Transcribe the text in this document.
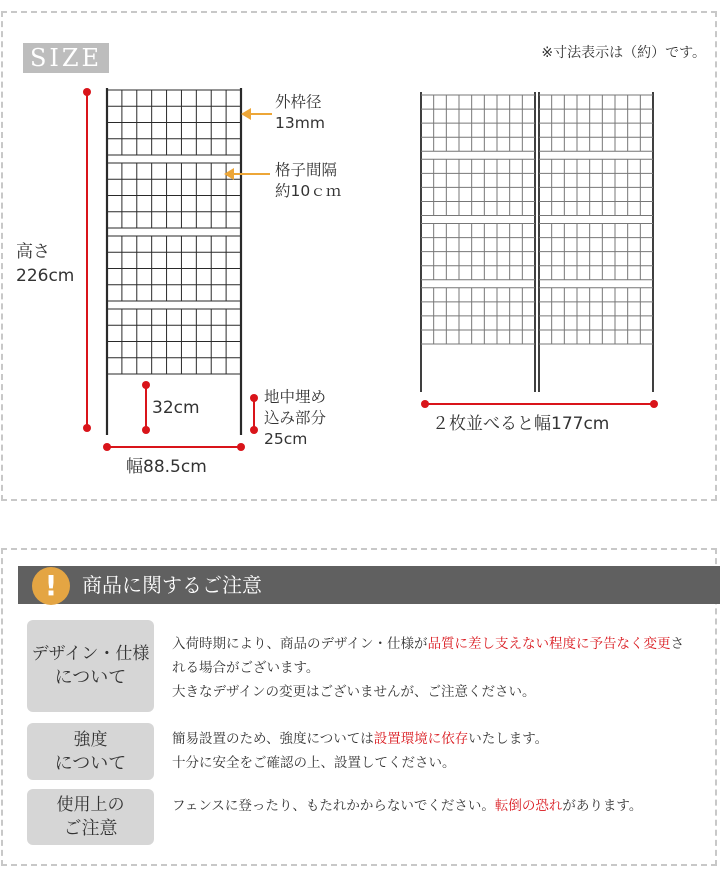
SIZE	※寸法表示は（約）です。
外枠径
13mm
格子間隔
約10ｃｍ
高さ
226cm
32cm
地中埋め
込み部分
25cm
幅88.5cm
２枚並べると幅177cm
!	商品に関するご注意
デザイン・仕様
について
入荷時期により、商品のデザイン・仕様が品質に差し支えない程度に予告なく変更される場合がございます。
大きなデザインの変更はございませんが、ご注意ください。
強度
について
簡易設置のため、強度については設置環境に依存いたします。
十分に安全をご確認の上、設置してください。
使用上の
ご注意
フェンスに登ったり、もたれかからないでください。転倒の恐れがあります。
